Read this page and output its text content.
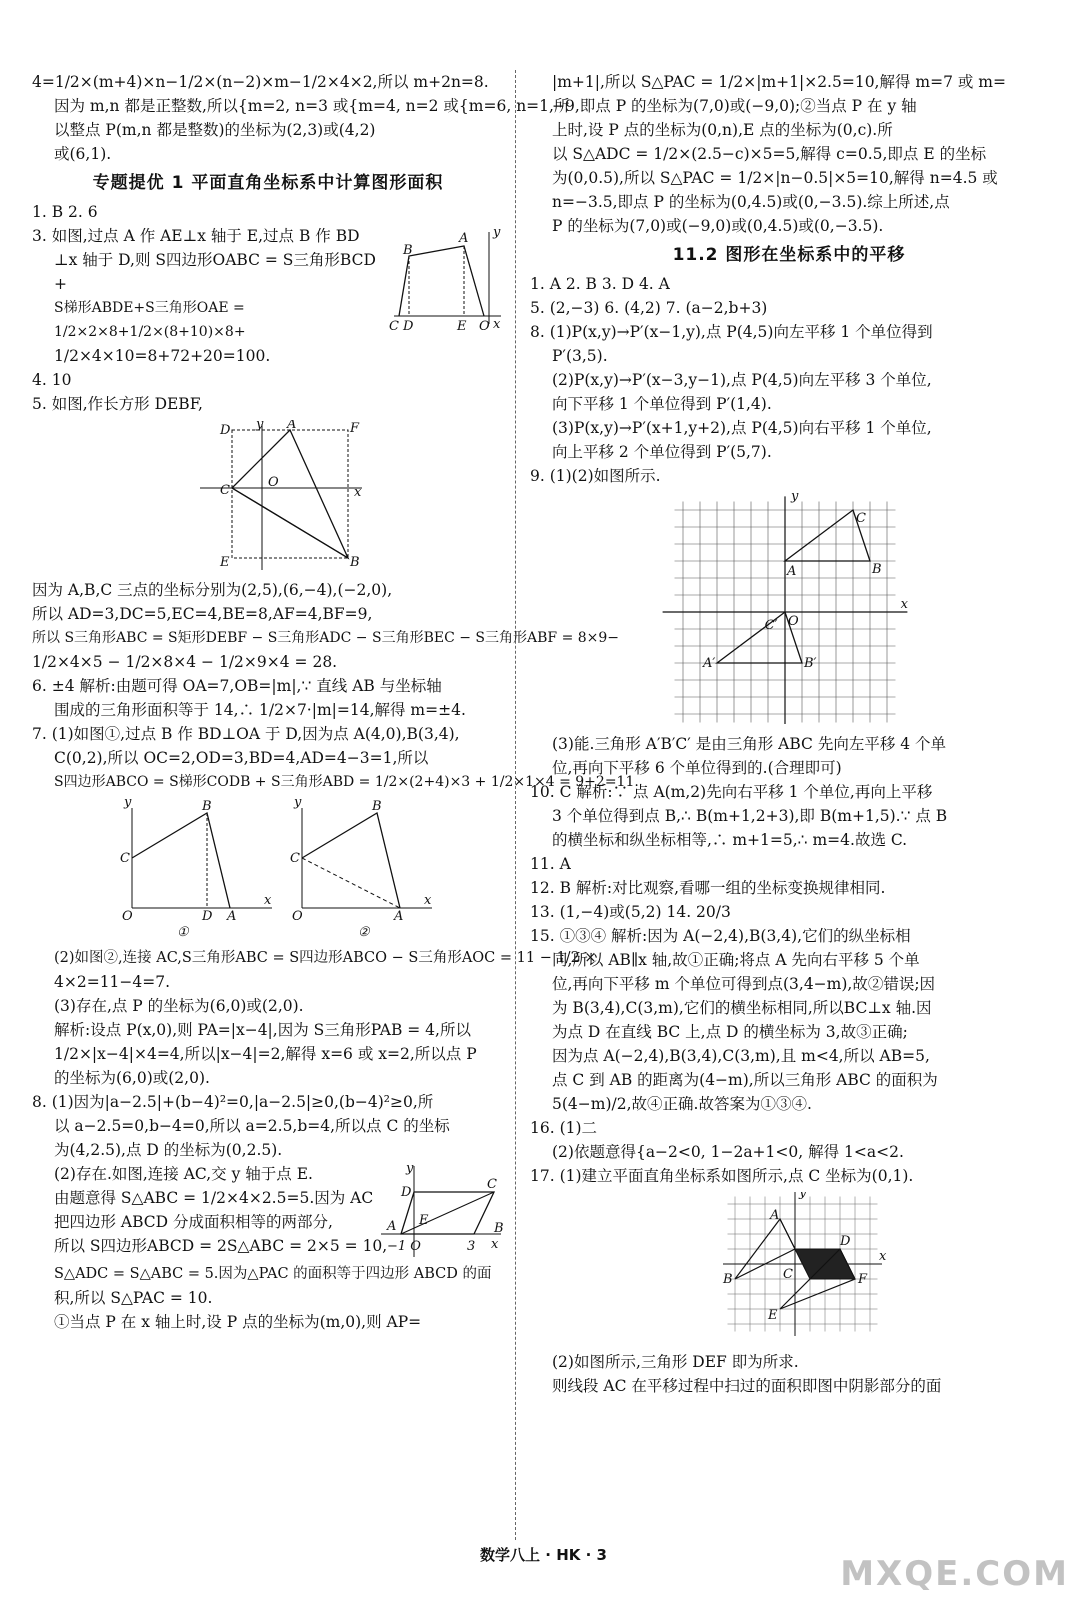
4=1/2×(m+4)×n−1/2×(n−2)×m−1/2×4×2,所以 m+2n=8.
因为 m,n 都是正整数,所以{m=2, n=3 或{m=4, n=2 或{m=6, n=1,所
以整点 P(m,n 都是整数)的坐标为(2,3)或(4,2)
或(6,1).
专题提优 1 平面直角坐标系中计算图形面积
1. B 2. 6
3. 如图,过点 A 作 AE⊥x 轴于 E,过点 B 作 BD
⊥x 轴于 D,则 S四边形OABC = S三角形BCD +
S梯形ABDE+S三角形OAE = 1/2×2×8+1/2×(8+10)×8+
1/2×4×10=8+72+20=100.
B
A y
C D	E O x
4. 10
5. 如图,作长方形 DEBF,
D	A	F
C
O
x
E	B
y
因为 A,B,C 三点的坐标分别为(2,5),(6,−4),(−2,0),
所以 AD=3,DC=5,EC=4,BE=8,AF=4,BF=9,
所以 S三角形ABC = S矩形DEBF − S三角形ADC − S三角形BEC − S三角形ABF = 8×9−
1/2×4×5 − 1/2×8×4 − 1/2×9×4 = 28.
6. ±4 解析:由题可得 OA=7,OB=|m|,∵ 直线 AB 与坐标轴
围成的三角形面积等于 14,∴ 1/2×7·|m|=14,解得 m=±4.
7. (1)如图①,过点 B 作 BD⊥OA 于 D,因为点 A(4,0),B(3,4),
C(0,2),所以 OC=2,OD=3,BD=4,AD=4−3=1,所以
S四边形ABCO = S梯形CODB + S三角形ABD = 1/2×(2+4)×3 + 1/2×1×4 = 9+2=11.
y	B
C
O	D A
x
①
y	B
C
O	A
x
②
(2)如图②,连接 AC,S三角形ABC = S四边形ABCO − S三角形AOC = 11 − 1/2 ×
4×2=11−4=7.
(3)存在,点 P 的坐标为(6,0)或(2,0).
解析:设点 P(x,0),则 PA=|x−4|,因为 S三角形PAB = 4,所以
1/2×|x−4|×4=4,所以|x−4|=2,解得 x=6 或 x=2,所以点 P
的坐标为(6,0)或(2,0).
8. (1)因为|a−2.5|+(b−4)²=0,|a−2.5|≥0,(b−4)²≥0,所
以 a−2.5=0,b−4=0,所以 a=2.5,b=4,所以点 C 的坐标
为(4,2.5),点 D 的坐标为(0,2.5).
(2)存在.如图,连接 AC,交 y 轴于点 E.
由题意得 S△ABC = 1/2×4×2.5=5.因为 AC
把四边形 ABCD 分成面积相等的两部分,
所以 S四边形ABCD = 2S△ABC = 2×5 = 10,
y
D
C
A E
−1 O	3 x
B
S△ADC = S△ABC = 5.因为△PAC 的面积等于四边形 ABCD 的面
积,所以 S△PAC = 10.
①当点 P 在 x 轴上时,设 P 点的坐标为(m,0),则 AP=
|m+1|,所以 S△PAC = 1/2×|m+1|×2.5=10,解得 m=7 或 m=
−9,即点 P 的坐标为(7,0)或(−9,0);②当点 P 在 y 轴
上时,设 P 点的坐标为(0,n),E 点的坐标为(0,c).所
以 S△ADC = 1/2×(2.5−c)×5=5,解得 c=0.5,即点 E 的坐标
为(0,0.5),所以 S△PAC = 1/2×|n−0.5|×5=10,解得 n=4.5 或
n=−3.5,即点 P 的坐标为(0,4.5)或(0,−3.5).综上所述,点
P 的坐标为(7,0)或(−9,0)或(0,4.5)或(0,−3.5).
11.2 图形在坐标系中的平移
1. A 2. B 3. D 4. A
5. (2,−3) 6. (4,2) 7. (a−2,b+3)
8. (1)P(x,y)→P′(x−1,y),点 P(4,5)向左平移 1 个单位得到
P′(3,5).
(2)P(x,y)→P′(x−3,y−1),点 P(4,5)向左平移 3 个单位,
向下平移 1 个单位得到 P′(1,4).
(3)P(x,y)→P′(x+1,y+2),点 P(4,5)向右平移 1 个单位,
向上平移 2 个单位得到 P′(5,7).
9. (1)(2)如图所示.
C
A	B
C′
A′	B′
y
x
O
(3)能.三角形 A′B′C′ 是由三角形 ABC 先向左平移 4 个单
位,再向下平移 6 个单位得到的.(合理即可)
10. C 解析:∵ 点 A(m,2)先向右平移 1 个单位,再向上平移
3 个单位得到点 B,∴ B(m+1,2+3),即 B(m+1,5).∵ 点 B
的横坐标和纵坐标相等,∴ m+1=5,∴ m=4.故选 C.
11. A
12. B 解析:对比观察,看哪一组的坐标变换规律相同.
13. (1,−4)或(5,2) 14. 20/3
15. ①③④ 解析:因为 A(−2,4),B(3,4),它们的纵坐标相
同,所以 AB∥x 轴,故①正确;将点 A 先向右平移 5 个单
位,再向下平移 m 个单位可得到点(3,4−m),故②错误;因
为 B(3,4),C(3,m),它们的横坐标相同,所以BC⊥x 轴.因
为点 D 在直线 BC 上,点 D 的横坐标为 3,故③正确;
因为点 A(−2,4),B(3,4),C(3,m),且 m<4,所以 AB=5,
点 C 到 AB 的距离为(4−m),所以三角形 ABC 的面积为
5(4−m)/2,故④正确.故答案为①③④.
16. (1)二
(2)依题意得{a−2<0, 1−2a+1<0, 解得 1<a<2.
17. (1)建立平面直角坐标系如图所示,点 C 坐标为(0,1).
A
B	C
D
E
F
y
x
(2)如图所示,三角形 DEF 即为所求.
则线段 AC 在平移过程中扫过的面积即图中阴影部分的面
数学八上 · HK · 3	MXQE.COM
